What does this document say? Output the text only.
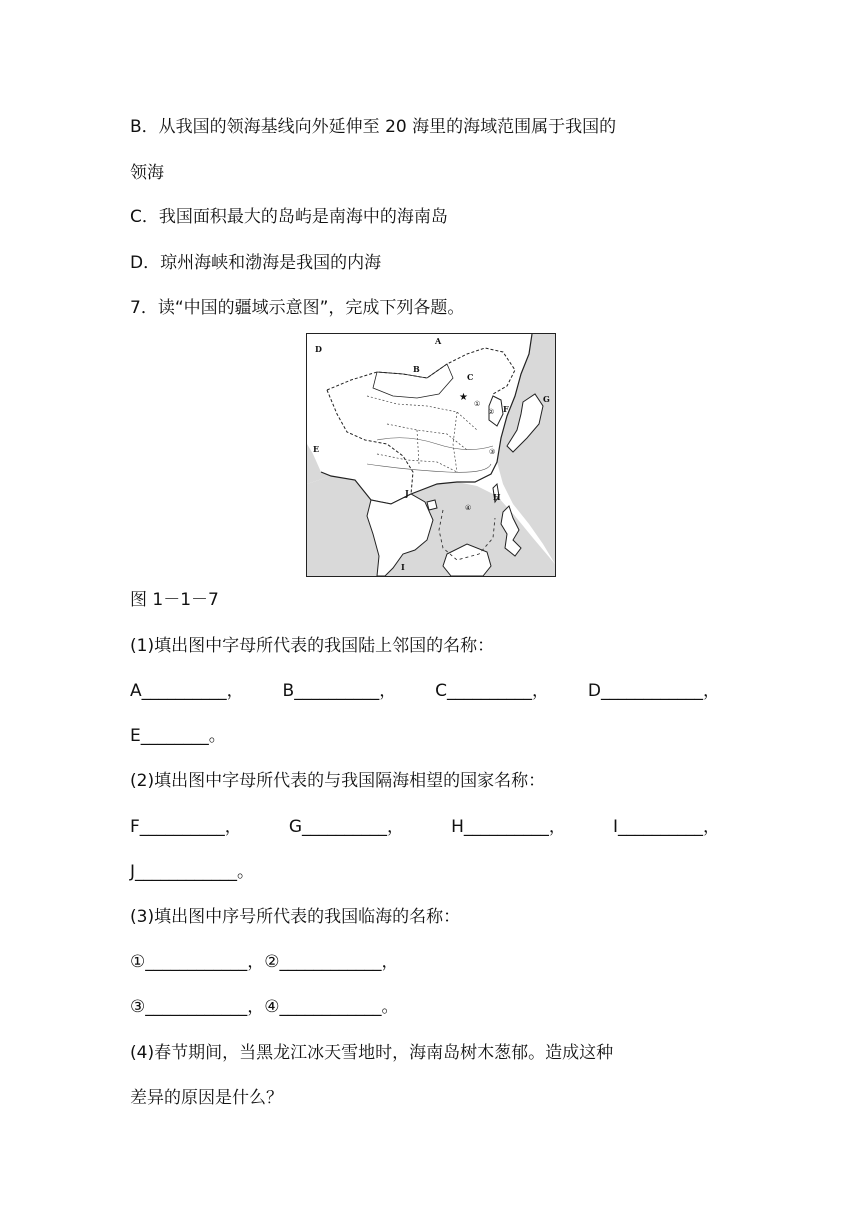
B．从我国的领海基线向外延伸至 20 海里的海域范围属于我国的
领海
C．我国面积最大的岛屿是南海中的海南岛
D．琼州海峡和渤海是我国的内海
7．读“中国的疆域示意图”，完成下列各题。
★
A
B
C
D
E
F
G
H
I
J
①
②
③
④
图 1－1－7
(1)填出图中字母所代表的我国陆上邻国的名称：
A__________， B__________， C__________， D____________，
E________。
(2)填出图中字母所代表的与我国隔海相望的国家名称：
F__________，	G__________，	H__________，	I__________，
J____________。
(3)填出图中序号所代表的我国临海的名称：
①____________，②____________，
③____________，④____________。
(4)春节期间，当黑龙江冰天雪地时，海南岛树木葱郁。造成这种
差异的原因是什么？
